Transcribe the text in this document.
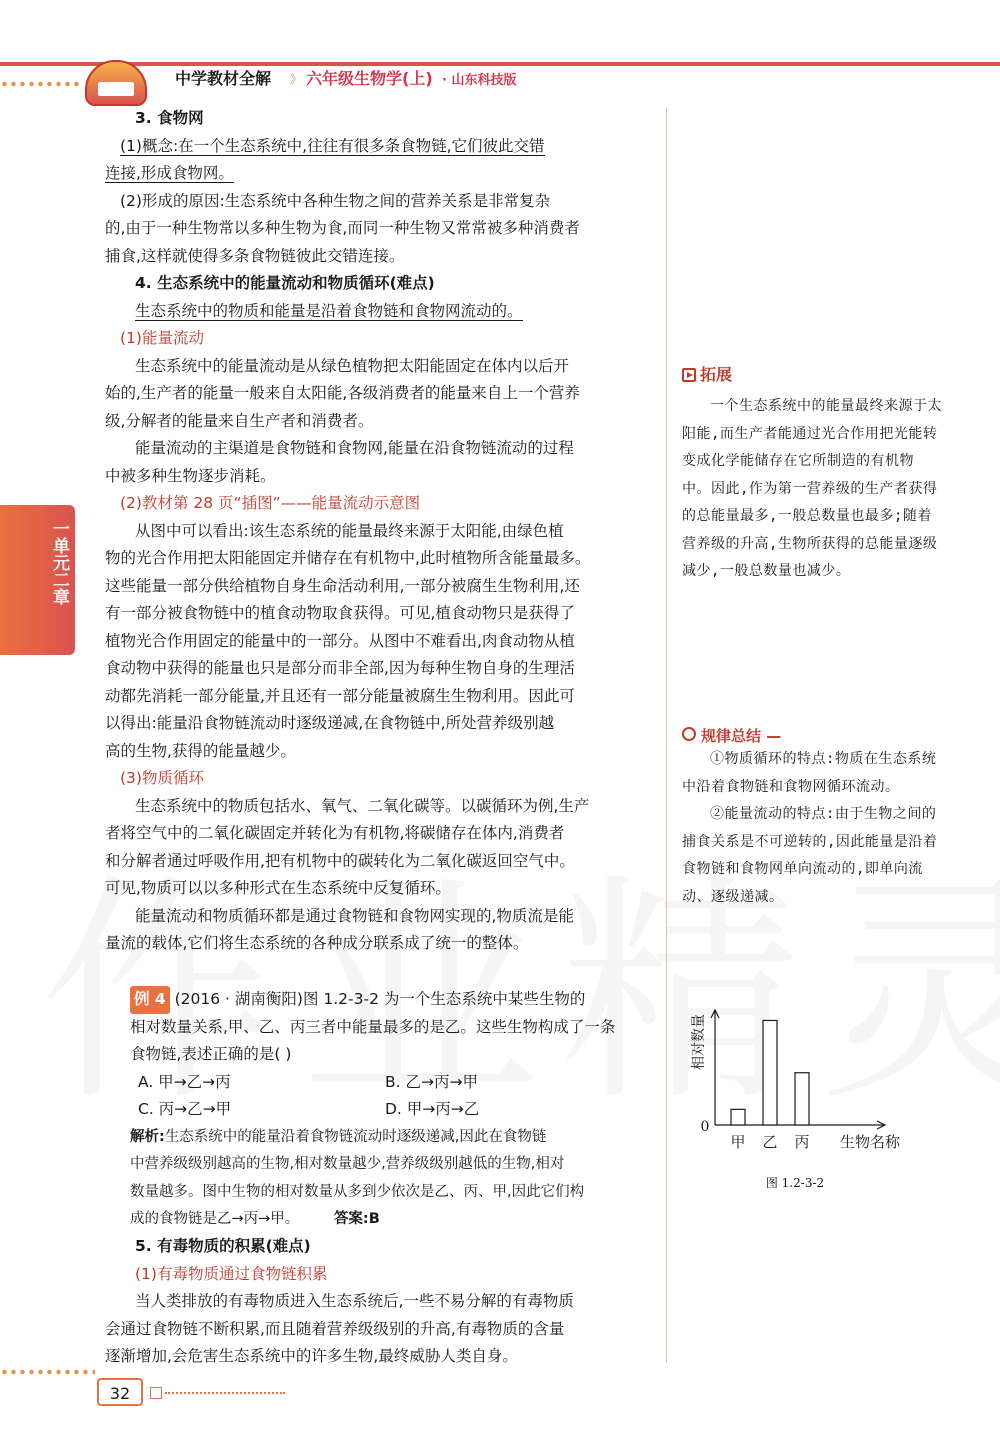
中学教材全解 》 六年级生物学(上) · 山东科技版
一单元二章
3. 食物网
(1)概念:在一个生态系统中,往往有很多条食物链,它们彼此交错
连接,形成食物网。
(2)形成的原因:生态系统中各种生物之间的营养关系是非常复杂
的,由于一种生物常以多种生物为食,而同一种生物又常常被多种消费者
捕食,这样就使得多条食物链彼此交错连接。
4. 生态系统中的能量流动和物质循环(难点)
生态系统中的物质和能量是沿着食物链和食物网流动的。
(1)能量流动
生态系统中的能量流动是从绿色植物把太阳能固定在体内以后开
始的,生产者的能量一般来自太阳能,各级消费者的能量来自上一个营养
级,分解者的能量来自生产者和消费者。
能量流动的主渠道是食物链和食物网,能量在沿食物链流动的过程
中被多种生物逐步消耗。
(2)教材第 28 页“插图”——能量流动示意图
从图中可以看出:该生态系统的能量最终来源于太阳能,由绿色植
物的光合作用把太阳能固定并储存在有机物中,此时植物所含能量最多。
这些能量一部分供给植物自身生命活动利用,一部分被腐生生物利用,还
有一部分被食物链中的植食动物取食获得。可见,植食动物只是获得了
植物光合作用固定的能量中的一部分。从图中不难看出,肉食动物从植
食动物中获得的能量也只是部分而非全部,因为每种生物自身的生理活
动都先消耗一部分能量,并且还有一部分能量被腐生生物利用。因此可
以得出:能量沿食物链流动时逐级递减,在食物链中,所处营养级别越
高的生物,获得的能量越少。
(3)物质循环
生态系统中的物质包括水、氧气、二氧化碳等。以碳循环为例,生产
者将空气中的二氧化碳固定并转化为有机物,将碳储存在体内,消费者
和分解者通过呼吸作用,把有机物中的碳转化为二氧化碳返回空气中。
可见,物质可以以多种形式在生态系统中反复循环。
能量流动和物质循环都是通过食物链和食物网实现的,物质流是能
量流的载体,它们将生态系统的各种成分联系成了统一的整体。
例 4 (2016 · 湖南衡阳)图 1.2-3-2 为一个生态系统中某些生物的
相对数量关系,甲、乙、丙三者中能量最多的是乙。这些生物构成了一条
食物链,表述正确的是( )
A. 甲→乙→丙	B. 乙→丙→甲
C. 丙→乙→甲	D. 甲→丙→乙
解析:生态系统中的能量沿着食物链流动时逐级递减,因此在食物链
中营养级级别越高的生物,相对数量越少,营养级级别越低的生物,相对
数量越多。图中生物的相对数量从多到少依次是乙、丙、甲,因此它们构
成的食物链是乙→丙→甲。 答案:B
5. 有毒物质的积累(难点)
(1)有毒物质通过食物链积累
当人类排放的有毒物质进入生态系统后,一些不易分解的有毒物质
会通过食物链不断积累,而且随着营养级级别的升高,有毒物质的含量
逐渐增加,会危害生态系统中的许多生物,最终威胁人类自身。
拓展
一个生态系统中的能量最终来源于太阳能,而生产者能通过光合作用把光能转变成化学能储存在它所制造的有机物中。因此,作为第一营养级的生产者获得的总能量最多,一般总数量也最多;随着营养级的升高,生物所获得的总能量逐级减少,一般总数量也减少。
规律总结 —
①物质循环的特点:物质在生态系统中沿着食物链和食物网循环流动。
②能量流动的特点:由于生物之间的捕食关系是不可逆转的,因此能量是沿着食物链和食物网单向流动的,即单向流动、逐级递减。
甲 乙 丙
0
生物名称
相对数量
图 1.2-3-2
32
